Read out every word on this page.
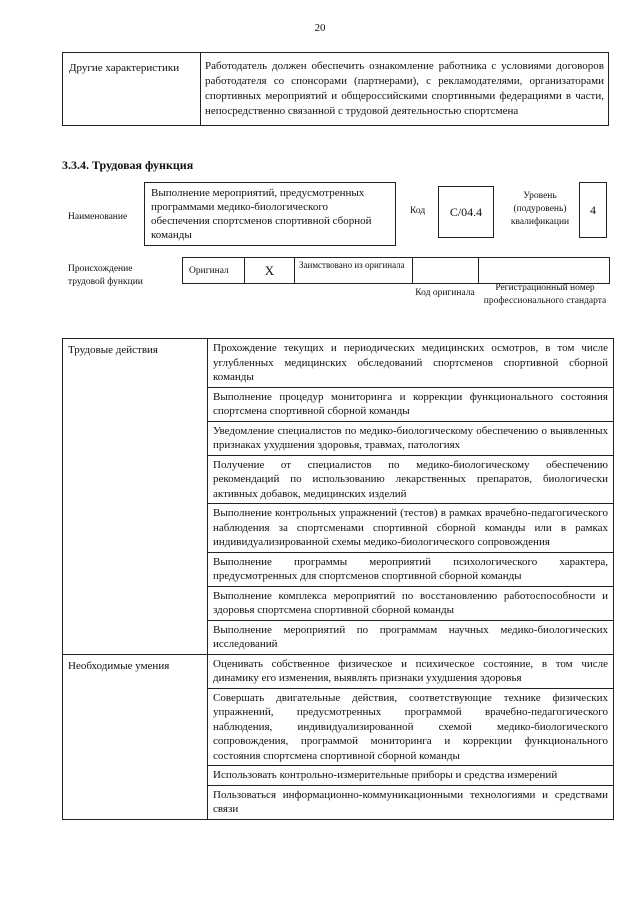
20
Другие характеристики	Работодатель должен обеспечить ознакомление работника с условиями договоров работодателя со спонсорами (партнерами), с рекламодателями, организаторами спортивных мероприятий и общероссийскими спортивными федерациями в части, непосредственно связанной с трудовой деятельностью спортсмена
3.3.4. Трудовая функция
Наименование
Выполнение мероприятий, предусмотренных программами медико-биологического обеспечения спортсменов спортивной сборной команды
Код	C/04.4
Уровень (подуровень) квалификации
4
Происхождение трудовой функции
Оригинал	X	Заимствовано из оригинала
Код оригинала	Регистрационный номер профессионального стандарта
Трудовые действия	Прохождение текущих и периодических медицинских осмотров, в том числе углубленных медицинских обследований спортсменов спортивной сборной команды
	Выполнение процедур мониторинга и коррекции функционального состояния спортсмена спортивной сборной команды
	Уведомление специалистов по медико-биологическому обеспечению о выявленных признаках ухудшения здоровья, травмах, патологиях
	Получение от специалистов по медико-биологическому обеспечению рекомендаций по использованию лекарственных препаратов, биологически активных добавок, медицинских изделий
	Выполнение контрольных упражнений (тестов) в рамках врачебно-педагогического наблюдения за спортсменами спортивной сборной команды или в рамках индивидуализированной схемы медико-биологического сопровождения
	Выполнение программы мероприятий психологического характера, предусмотренных для спортсменов спортивной сборной команды
	Выполнение комплекса мероприятий по восстановлению работоспособности и здоровья спортсмена спортивной сборной команды
	Выполнение мероприятий по программам научных медико-биологических исследований
Необходимые умения	Оценивать собственное физическое и психическое состояние, в том числе динамику его изменения, выявлять признаки ухудшения здоровья
	Совершать двигательные действия, соответствующие технике физических упражнений, предусмотренных программой врачебно-педагогического наблюдения, индивидуализированной схемой медико-биологического сопровождения, программой мониторинга и коррекции функционального состояния спортсмена спортивной сборной команды
	Использовать контрольно-измерительные приборы и средства измерений
	Пользоваться информационно-коммуникационными технологиями и средствами связи
